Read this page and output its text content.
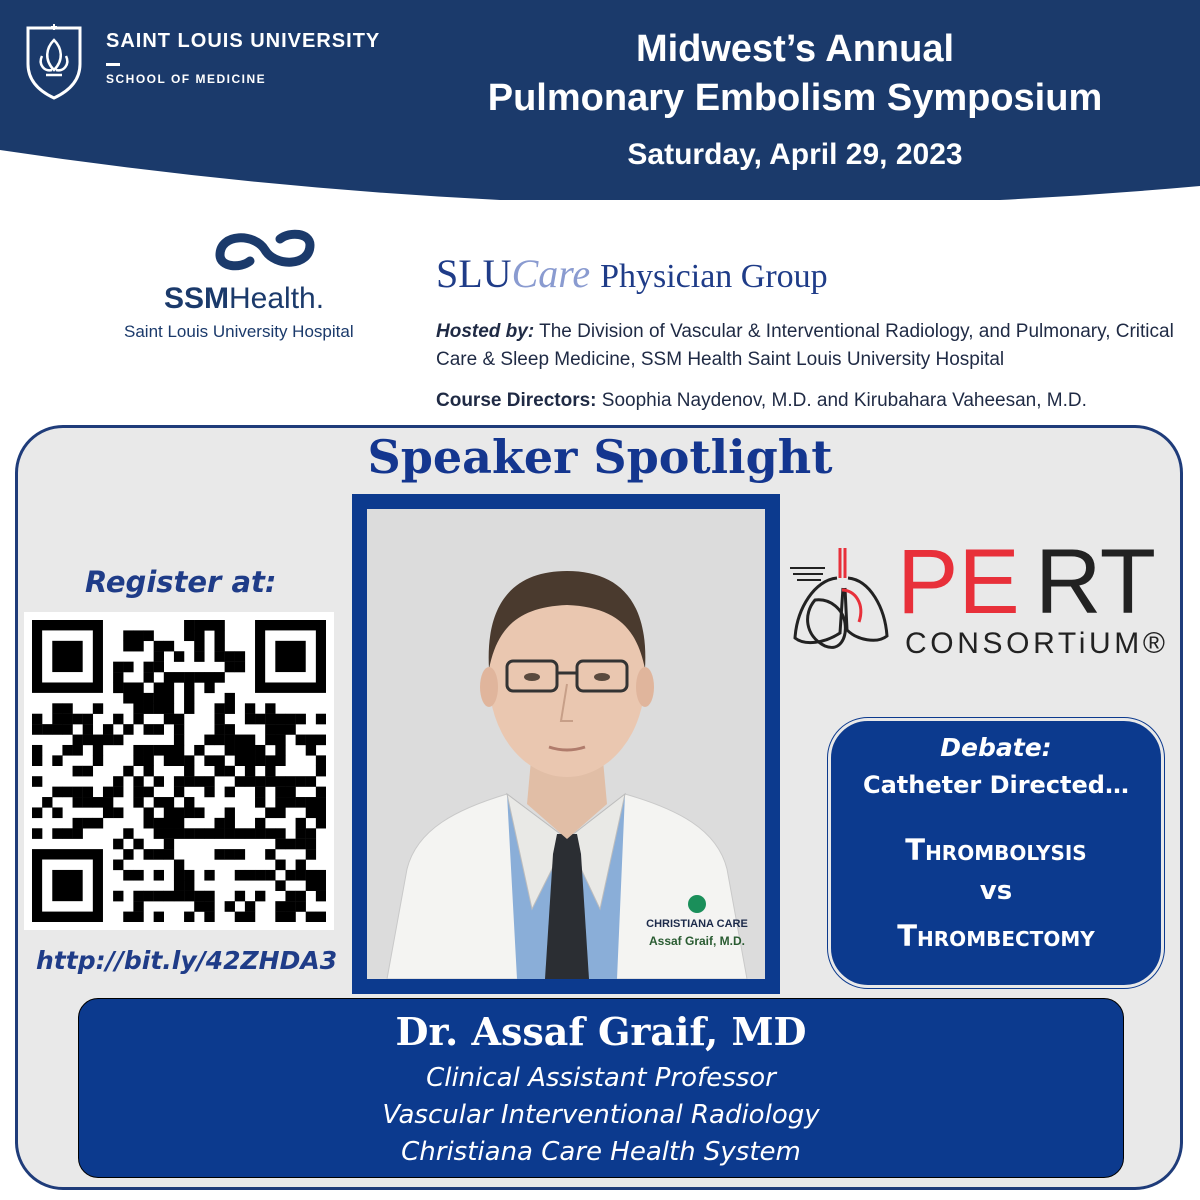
SAINT LOUIS UNIVERSITY
SCHOOL OF MEDICINE
Midwest’s Annual
Pulmonary Embolism Symposium
Saturday, April 29, 2023
SSMHealth.
Saint Louis University Hospital
SLUCare Physician Group
Hosted by: The Division of Vascular & Interventional Radiology, and Pulmonary, Critical Care & Sleep Medicine, SSM Health Saint Louis University Hospital
Course Directors: Soophia Naydenov, M.D. and Kirubahara Vaheesan, M.D.
Speaker Spotlight
Register at:
http://bit.ly/42ZHDA3
CHRISTIANA CARE
Assaf Graif, M.D.
PE RT
CONSORTiUM®
Debate:
Catheter Directed…
Thrombolysis
vs
Thrombectomy
Dr. Assaf Graif, MD
Clinical Assistant Professor
Vascular Interventional Radiology
Christiana Care Health System
